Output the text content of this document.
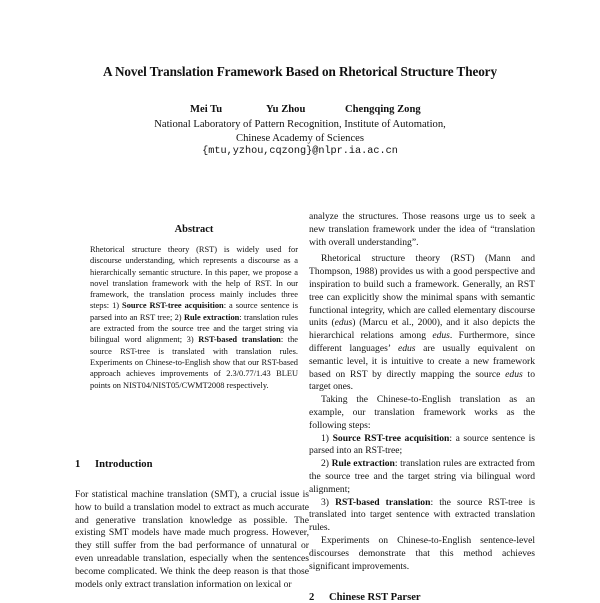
A Novel Translation Framework Based on Rhetorical Structure Theory
Mei Tu	Yu Zhou	Chengqing Zong
National Laboratory of Pattern Recognition, Institute of Automation,
Chinese Academy of Sciences
{mtu,yzhou,cqzong}@nlpr.ia.ac.cn
Abstract

Rhetorical structure theory (RST) is widely used for discourse understanding, which represents a discourse as a hierarchically semantic structure. In this paper, we propose a novel translation framework with the help of RST. In our framework, the translation process mainly includes three steps: 1) Source RST-tree acquisition: a source sentence is parsed into an RST tree; 2) Rule extraction: translation rules are extracted from the source tree and the target string via bilingual word alignment; 3) RST-based translation: the source RST-tree is translated with translation rules. Experiments on Chinese-to-English show that our RST-based approach achieves improvements of 2.3/0.77/1.43 BLEU points on NIST04/NIST05/CWMT2008 respectively.

1 Introduction

For statistical machine translation (SMT), a crucial issue is how to build a translation model to extract as much accurate and generative translation knowledge as possible. The existing SMT models have made much progress. However, they still suffer from the bad performance of unnatural or even unreadable translation, especially when the sentences become complicated. We think the deep reason is that those models only extract translation information on lexical or

analyze the structures. Those reasons urge us to seek a new translation framework under the idea of “translation with overall understanding”.

Rhetorical structure theory (RST) (Mann and Thompson, 1988) provides us with a good perspective and inspiration to build such a framework. Generally, an RST tree can explicitly show the minimal spans with semantic functional integrity, which are called elementary discourse units (edus) (Marcu et al., 2000), and it also depicts the hierarchical relations among edus. Furthermore, since different languages’ edus are usually equivalent on semantic level, it is intuitive to create a new framework based on RST by directly mapping the source edus to target ones.

Taking the Chinese-to-English translation as an example, our translation framework works as the following steps:

1) Source RST-tree acquisition: a source sentence is parsed into an RST-tree;

2) Rule extraction: translation rules are extracted from the source tree and the target string via bilingual word alignment;

3) RST-based translation: the source RST-tree is translated into target sentence with extracted translation rules.

Experiments on Chinese-to-English sentence-level discourses demonstrate that this method achieves significant improvements.

2 Chinese RST Parser
